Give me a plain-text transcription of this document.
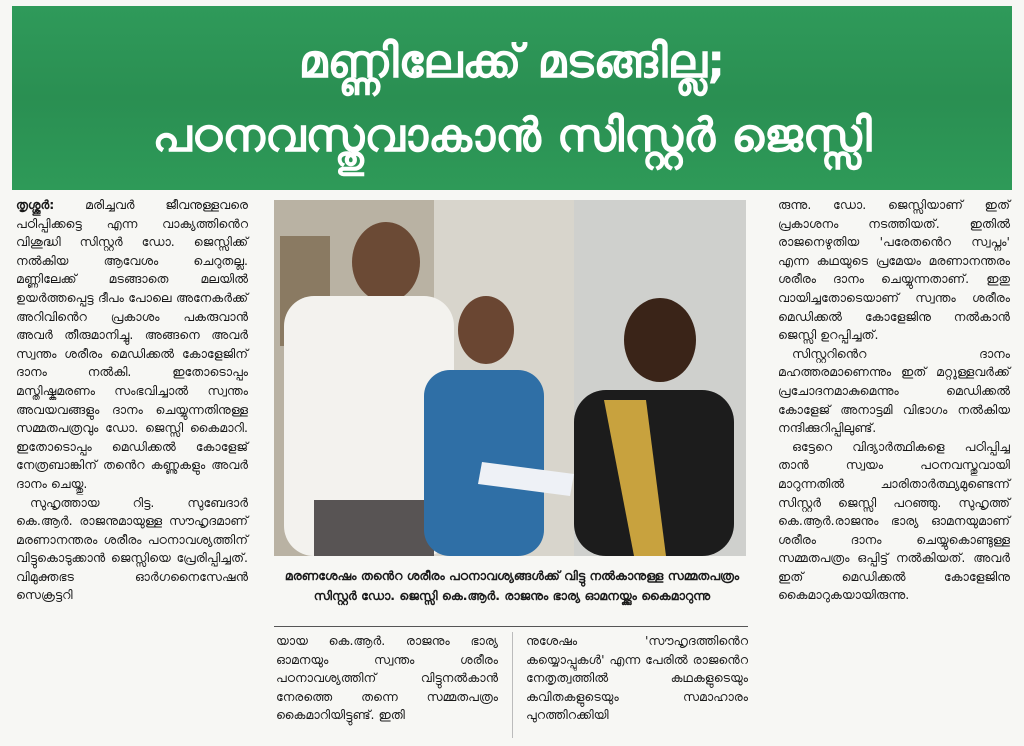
മണ്ണിലേക്ക് മടങ്ങില്ല;
പഠനവസ്തുവാകാൻ സിസ്റ്റർ ജെസ്സി

തൃശ്ശൂർ: മരിച്ചവർ ജീവനുള്ളവരെ പഠിപ്പിക്കട്ടെ എന്ന വാക്യത്തിൻെറ വിശുദ്ധി സിസ്റ്റർ ഡോ. ജെസ്സിക്ക് നൽകിയ ആവേശം ചെറുതല്ല. മണ്ണിലേക്ക് മടങ്ങാതെ മലയിൽ ഉയർത്തപ്പെട്ട ദീപം പോലെ അനേകർക്ക് അറിവിൻെറ പ്രകാശം പകരുവാൻ അവർ തീരുമാനിച്ചു. അങ്ങനെ അവർ സ്വന്തം ശരീരം മെഡിക്കൽ കോളേജിന് ദാനം നൽകി. ഇതോടൊപ്പം മസ്തിഷ്കമരണം സംഭവിച്ചാൽ സ്വന്തം അവയവങ്ങളും ദാനം ചെയ്യുന്നതിനുള്ള സമ്മതപത്രവും ഡോ. ജെസ്സി കൈമാറി. ഇതോടൊപ്പം മെഡിക്കൽ കോളേജ് നേത്രബാങ്കിന് തൻെറ കണ്ണുകളും അവർ ദാനം ചെയ്തു.

സുഹൃത്തായ റിട്ട. സുബേദാർ കെ.ആർ. രാജനുമായുള്ള സൗഹൃദമാണ് മരണാനന്തരം ശരീരം പഠനാവശ്യത്തിന് വിട്ടുകൊടുക്കാൻ ജെസ്സിയെ പ്രേരിപ്പിച്ചത്. വിമുക്തഭട ഓർഗനൈസേഷൻ സെക്രട്ടറി

മരണശേഷം തൻെറ ശരീരം പഠനാവശ്യങ്ങൾക്ക് വിട്ടു നൽകാനുള്ള സമ്മതപത്രം സിസ്റ്റർ ഡോ. ജെസ്സി കെ.ആർ. രാജനും ഭാര്യ ഓമനയ്ക്കും കൈമാറുന്നു

യായ കെ.ആർ. രാജനും ഭാര്യ ഓമനയും സ്വന്തം ശരീരം പഠനാവശ്യത്തിന് വിട്ടുനൽകാൻ നേരത്തെ തന്നെ സമ്മതപത്രം കൈമാറിയിട്ടുണ്ട്. ഇതി

നുശേഷം 'സൗഹൃദത്തിൻെറ കയ്യൊപ്പുകൾ' എന്ന പേരിൽ രാജൻെറ നേതൃത്വത്തിൽ കഥകളുടെയും കവിതകളുടെയും സമാഹാരം പുറത്തിറക്കിയി

രുന്നു. ഡോ. ജെസ്സിയാണ് ഇത് പ്രകാശനം നടത്തിയത്. ഇതിൽ രാജനെഴുതിയ 'പരേതൻെറ സ്വപ്നം' എന്ന കഥയുടെ പ്രമേയം മരണാനന്തരം ശരീരം ദാനം ചെയ്യുന്നതാണ്. ഇതു വായിച്ചതോടെയാണ് സ്വന്തം ശരീരം മെഡിക്കൽ കോളേജിനു നൽകാൻ ജെസ്സി ഉറപ്പിച്ചത്.

സിസ്റ്ററിൻെറ ദാനം മഹത്തരമാണെന്നും ഇത് മറ്റുള്ളവർക്ക് പ്രചോദനമാകുമെന്നും മെഡിക്കൽ കോളേജ് അനാട്ടമി വിഭാഗം നൽകിയ നന്ദിക്കുറിപ്പിലുണ്ട്.

ഒട്ടേറെ വിദ്യാർത്ഥികളെ പഠിപ്പിച്ച താൻ സ്വയം പഠനവസ്തുവായി മാറുന്നതിൽ ചാരിതാർത്ഥ്യമുണ്ടെന്ന് സിസ്റ്റർ ജെസ്സി പറഞ്ഞു. സുഹൃത്ത് കെ.ആർ.രാജനും ഭാര്യ ഓമനയുമാണ് ശരീരം ദാനം ചെയ്യുകൊണ്ടുള്ള സമ്മതപത്രം ഒപ്പിട്ട് നൽകിയത്. അവർ ഇത് മെഡിക്കൽ കോളേജിനു കൈമാറുകയായിരുന്നു.
